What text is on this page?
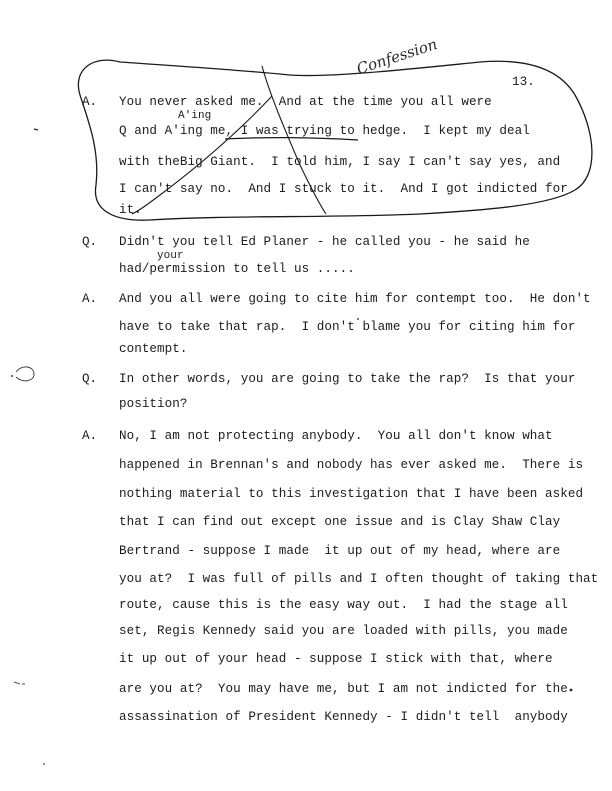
Confession
13.
A.
A'ing
You never asked me.  And at the time you all were
Q and A'ing me, I was trying to hedge.  I kept my deal
with theBig Giant.  I told him, I say I can't say yes, and
I can't say no.  And I stuck to it.  And I got indicted for
it.
Q. Didn't you tell Ed Planer - he called you - he said he
your
had/permission to tell us .....
A. And you all were going to cite him for contempt too.  He don't
have to take that rap.  I don't blame you for citing him for
contempt.
Q. In other words, you are going to take the rap?  Is that your
position?
A. No, I am not protecting anybody.  You all don't know what
happened in Brennan's and nobody has ever asked me.  There is
nothing material to this investigation that I have been asked
that I can find out except one issue and is Clay Shaw Clay
Bertrand - suppose I made  it up out of my head, where are
you at?  I was full of pills and I often thought of taking that
route, cause this is the easy way out.  I had the stage all
set, Regis Kennedy said you are loaded with pills, you made
it up out of your head - suppose I stick with that, where
are you at?  You may have me, but I am not indicted for the
assassination of President Kennedy - I didn't tell  anybody
